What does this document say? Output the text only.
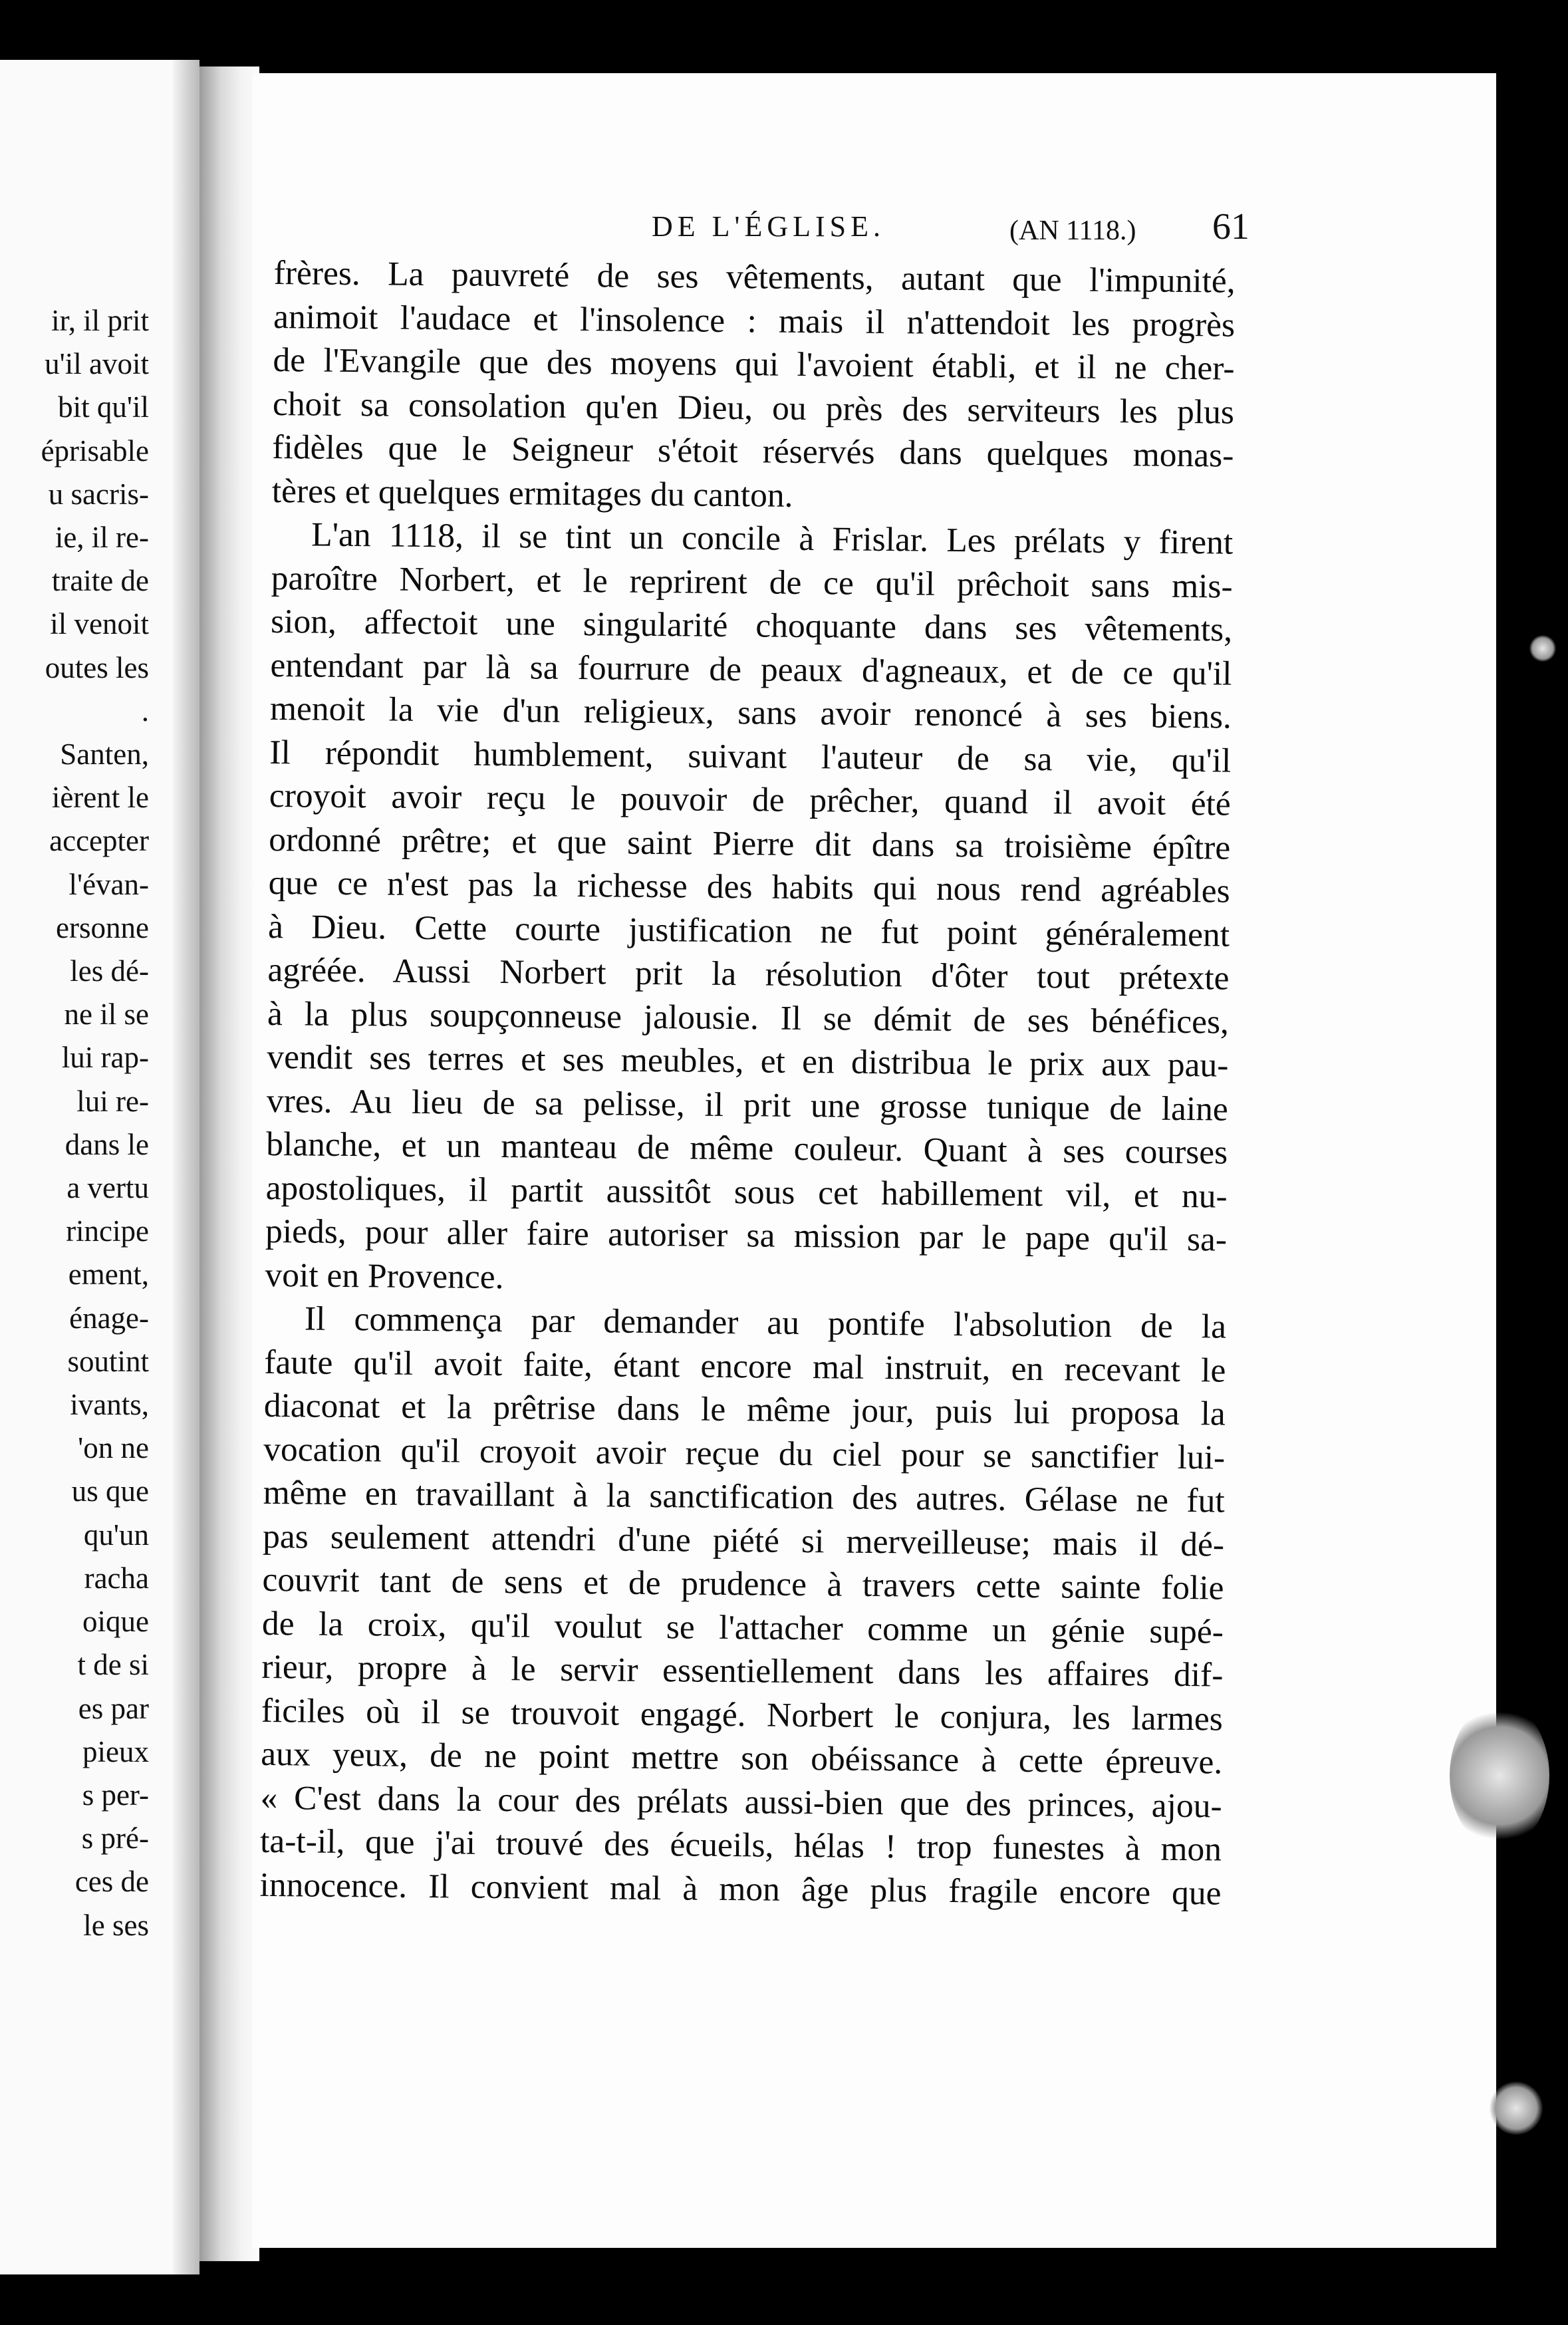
ir, il prit
u'il avoit
bit qu'il
éprisable
u sacris-
ie, il re-
traite de
il venoit
outes les
.
Santen,
ièrent le
accepter
l'évan-
ersonne
les dé-
ne il se
lui rap-
lui re-
dans le
a vertu
rincipe
ement,
énage-
soutint
ivants,
'on ne
us que
qu'un
racha
oique
t de si
es par
pieux
s per-
s pré-
ces de
le ses
DE L'ÉGLISE.	(AN 1118.) 61
frères. La pauvreté de ses vêtements, autant que l'impunité,
animoit l'audace et l'insolence : mais il n'attendoit les progrès
de l'Evangile que des moyens qui l'avoient établi, et il ne cher-
choit sa consolation qu'en Dieu, ou près des serviteurs les plus
fidèles que le Seigneur s'étoit réservés dans quelques monas-
tères et quelques ermitages du canton.
L'an 1118, il se tint un concile à Frislar. Les prélats y firent
paroître Norbert, et le reprirent de ce qu'il prêchoit sans mis-
sion, affectoit une singularité choquante dans ses vêtements,
entendant par là sa fourrure de peaux d'agneaux, et de ce qu'il
menoit la vie d'un religieux, sans avoir renoncé à ses biens.
Il répondit humblement, suivant l'auteur de sa vie, qu'il
croyoit avoir reçu le pouvoir de prêcher, quand il avoit été
ordonné prêtre; et que saint Pierre dit dans sa troisième épître
que ce n'est pas la richesse des habits qui nous rend agréables
à Dieu. Cette courte justification ne fut point généralement
agréée. Aussi Norbert prit la résolution d'ôter tout prétexte
à la plus soupçonneuse jalousie. Il se démit de ses bénéfices,
vendit ses terres et ses meubles, et en distribua le prix aux pau-
vres. Au lieu de sa pelisse, il prit une grosse tunique de laine
blanche, et un manteau de même couleur. Quant à ses courses
apostoliques, il partit aussitôt sous cet habillement vil, et nu-
pieds, pour aller faire autoriser sa mission par le pape qu'il sa-
voit en Provence.
Il commença par demander au pontife l'absolution de la
faute qu'il avoit faite, étant encore mal instruit, en recevant le
diaconat et la prêtrise dans le même jour, puis lui proposa la
vocation qu'il croyoit avoir reçue du ciel pour se sanctifier lui-
même en travaillant à la sanctification des autres. Gélase ne fut
pas seulement attendri d'une piété si merveilleuse; mais il dé-
couvrit tant de sens et de prudence à travers cette sainte folie
de la croix, qu'il voulut se l'attacher comme un génie supé-
rieur, propre à le servir essentiellement dans les affaires dif-
ficiles où il se trouvoit engagé. Norbert le conjura, les larmes
aux yeux, de ne point mettre son obéissance à cette épreuve.
« C'est dans la cour des prélats aussi-bien que des princes, ajou-
ta-t-il, que j'ai trouvé des écueils, hélas ! trop funestes à mon
innocence. Il convient mal à mon âge plus fragile encore que
